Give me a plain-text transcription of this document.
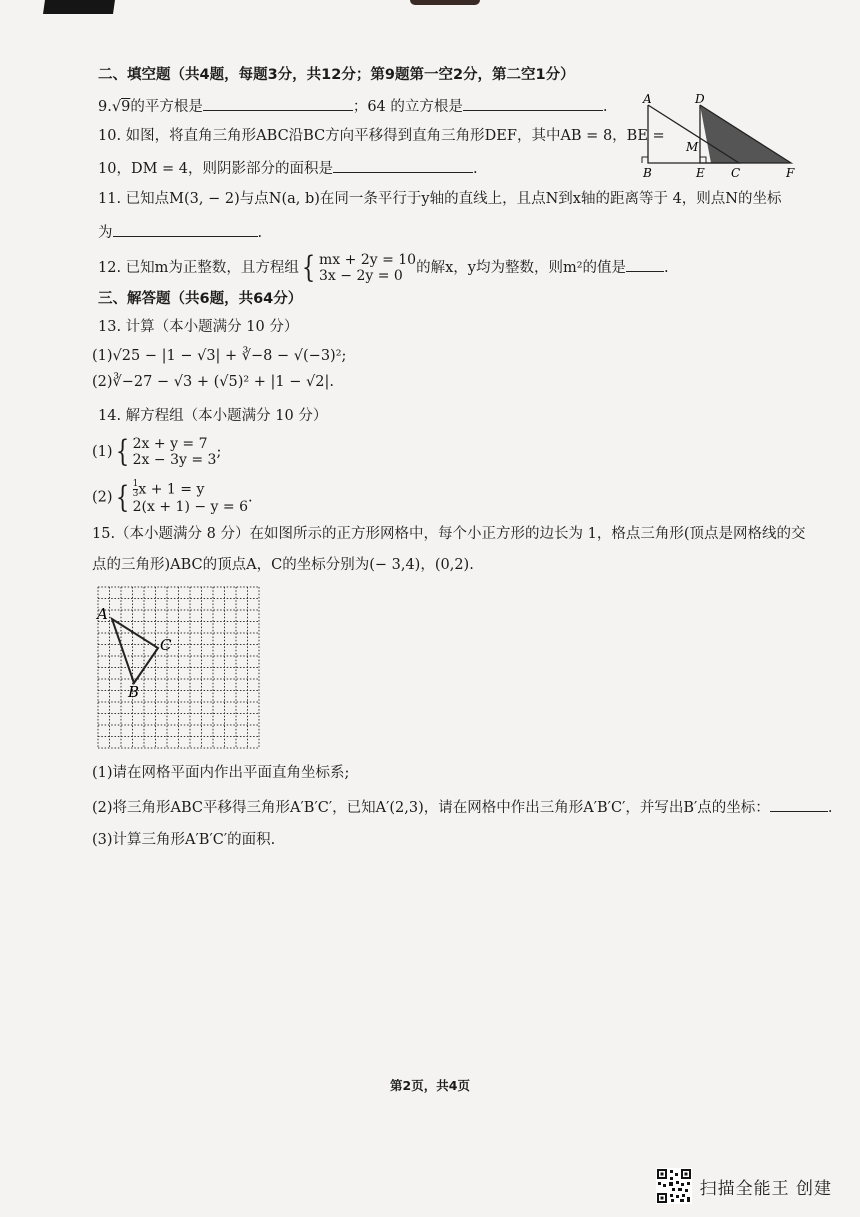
二、填空题（共4题，每题3分，共12分；第9题第一空2分，第二空1分）
9.√9的平方根是	；64 的立方根是	.
10. 如图，将直角三角形ABC沿BC方向平移得到直角三角形DEF，其中AB = 8，BE =
10，DM = 4，则阴影部分的面积是	.
A	D
M
B	E C	F
11. 已知点M(3, − 2)与点N(a, b)在同一条平行于y轴的直线上，且点N到x轴的距离等于 4，则点N的坐标
为	.
12. 已知m为正整数，且方程组{ mx + 2y = 10
3x − 2y = 0 的解x，y均为整数，则m²的值是	.
三、解答题（共6题，共64分）
13. 计算（本小题满分 10 分）
(1)√25 − |1 − √3| + ∛−8 − √(−3)²;
(2)∛−27 − √3 + (√5)² + |1 − √2|.
14. 解方程组（本小题满分 10 分）
(1){ 2x + y = 7
2x − 3y = 3;
$(2)\{ \frac{1}{3}$ x + 1 = y
2(x + 1) − y = 6.
15.（本小题满分 8 分）在如图所示的正方形网格中，每个小正方形的边长为 1，格点三角形(顶点是网格线的交
点的三角形)ABC的顶点A，C的坐标分别为(− 3,4)，(0,2).
A
C
B
(1)请在网格平面内作出平面直角坐标系;
(2)将三角形ABC平移得三角形A′B′C′，已知A′(2,3)，请在网格中作出三角形A′B′C′，并写出B′点的坐标：	.
(3)计算三角形A′B′C′的面积.
第2页，共4页
扫描全能王 创建
